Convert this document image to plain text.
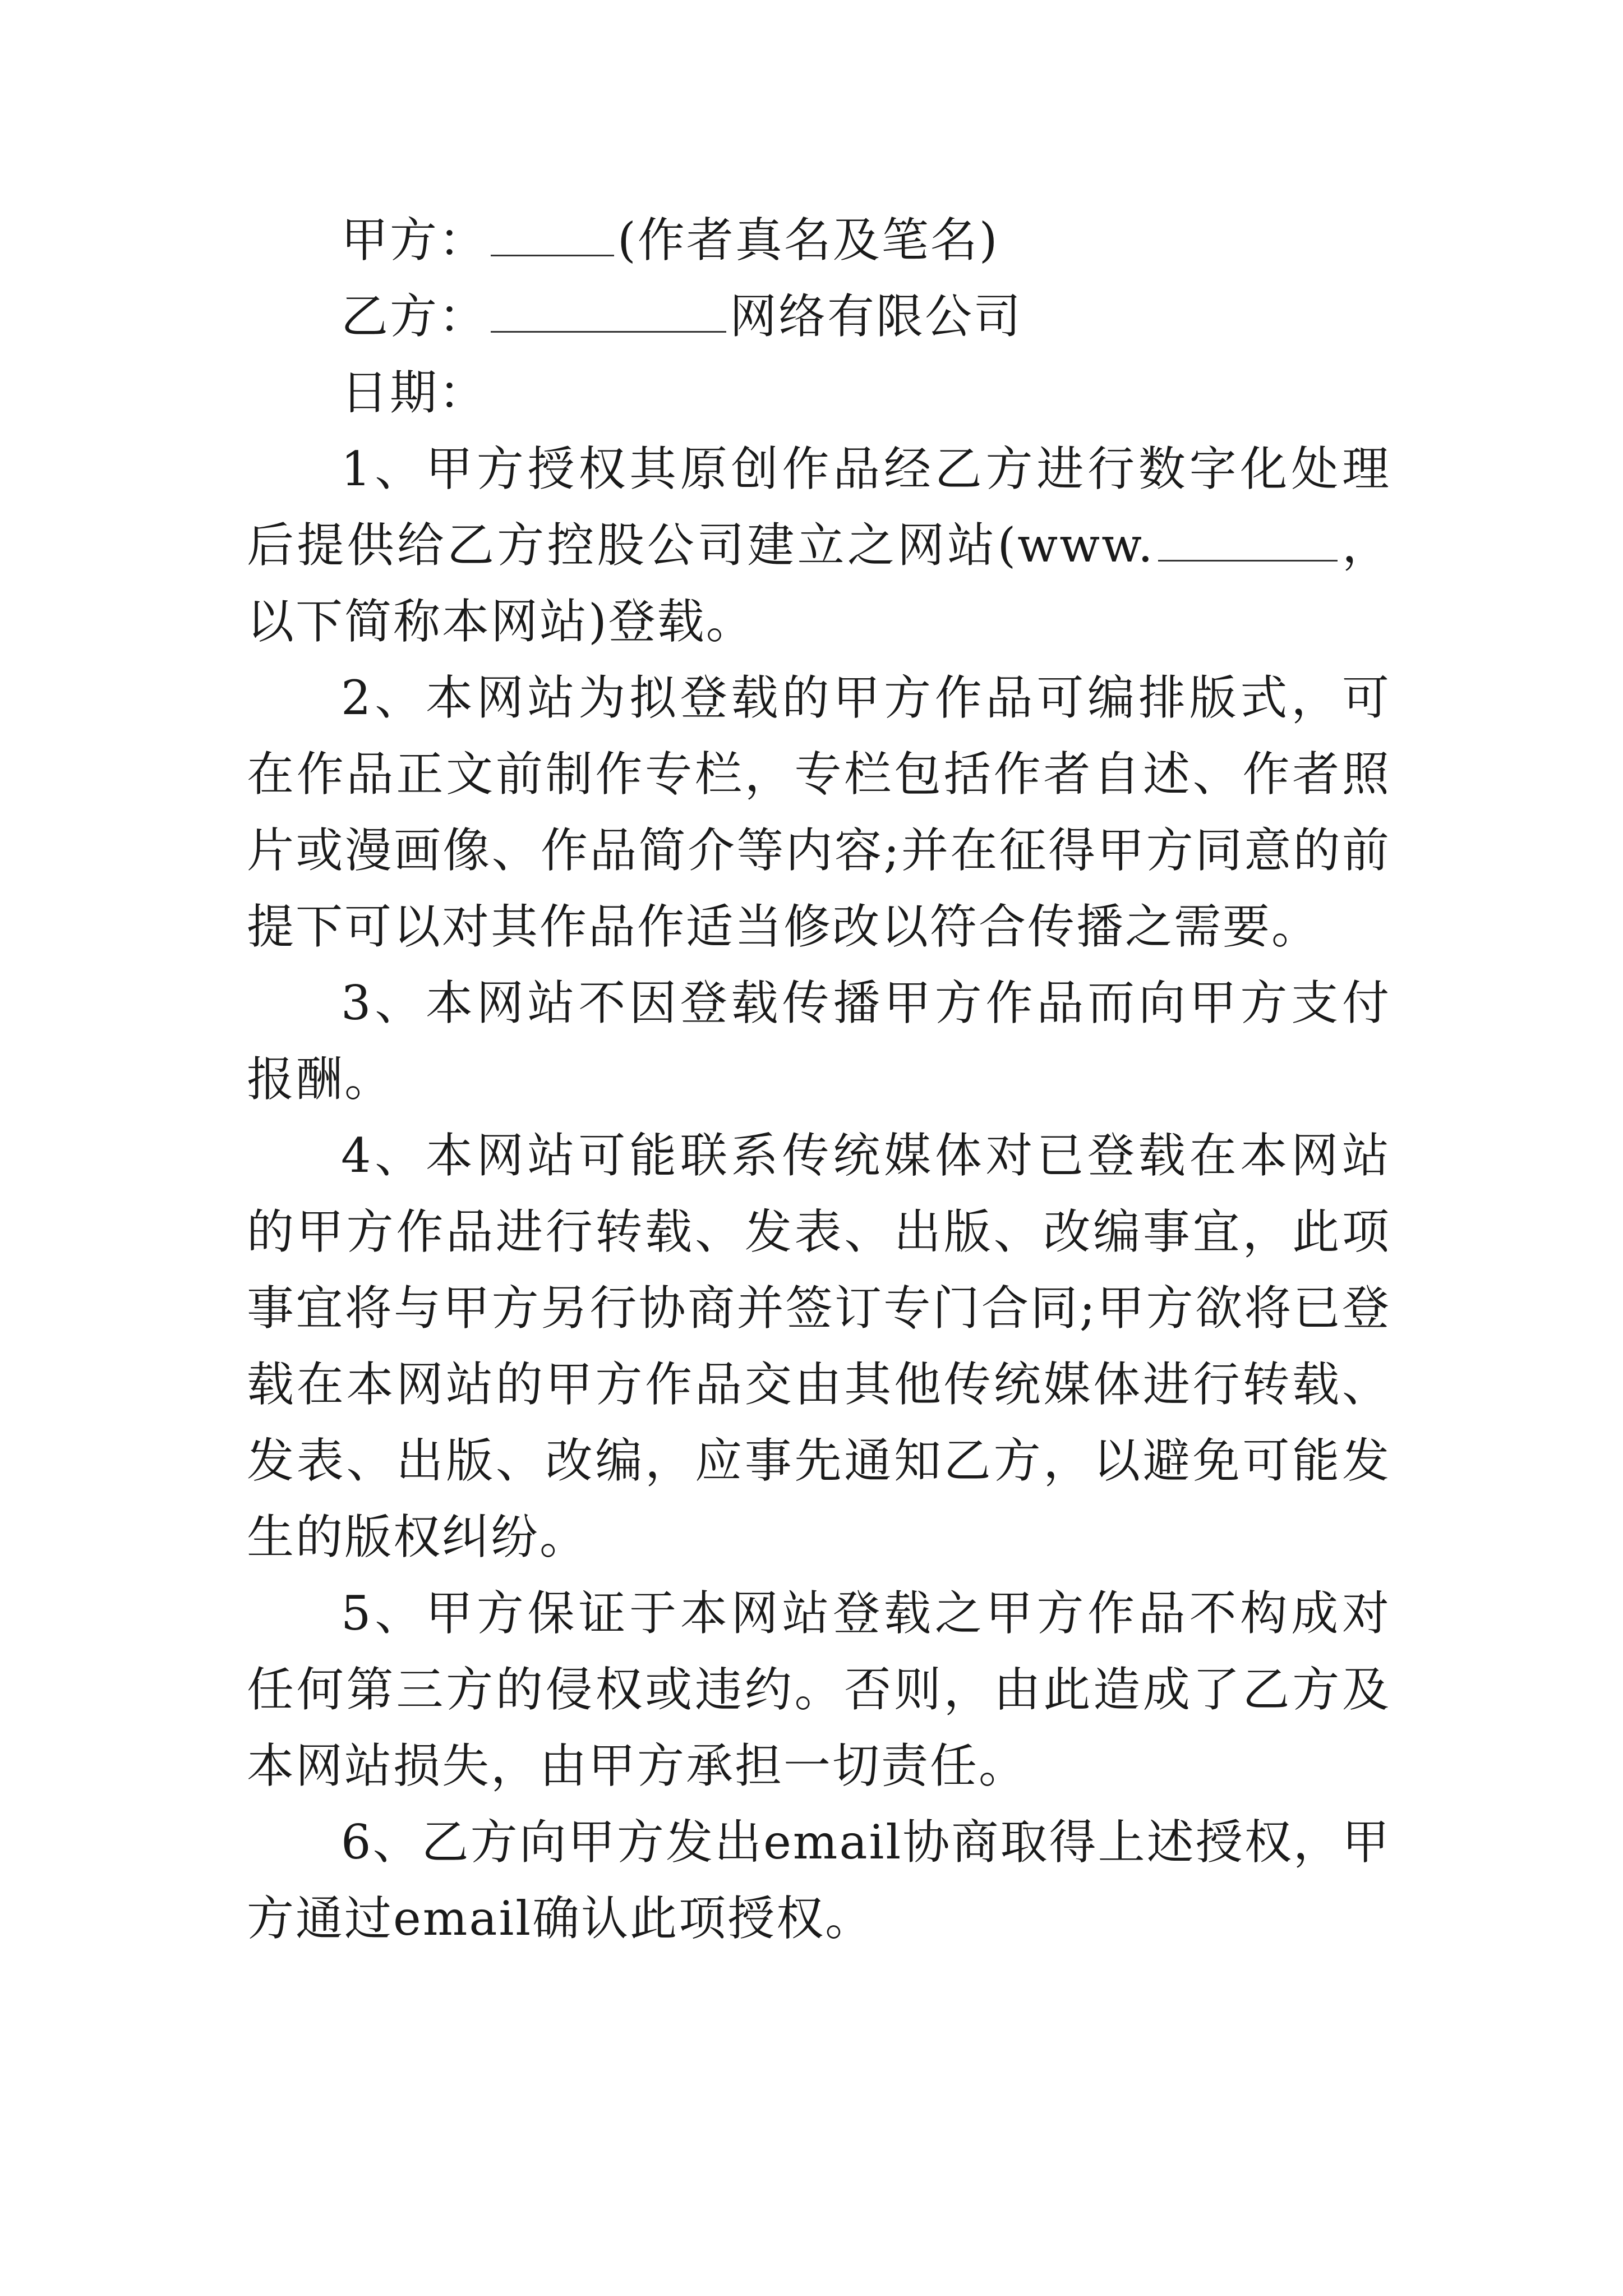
甲方：	(作者真名及笔名)

乙方：	网络有限公司

日期：

1、甲方授权其原创作品经乙方进行数字化处理后提供给乙方控股公司建立之网站(www.	，以下简称本网站)登载。

2、本网站为拟登载的甲方作品可编排版式，可在作品正文前制作专栏，专栏包括作者自述、作者照片或漫画像、作品简介等内容;并在征得甲方同意的前提下可以对其作品作适当修改以符合传播之需要。

3、本网站不因登载传播甲方作品而向甲方支付报酬。

4、本网站可能联系传统媒体对已登载在本网站的甲方作品进行转载、发表、出版、改编事宜，此项事宜将与甲方另行协商并签订专门合同;甲方欲将已登载在本网站的甲方作品交由其他传统媒体进行转载、发表、出版、改编，应事先通知乙方，以避免可能发生的版权纠纷。

5、甲方保证于本网站登载之甲方作品不构成对任何第三方的侵权或违约。否则，由此造成了乙方及本网站损失，由甲方承担一切责任。

6、乙方向甲方发出email协商取得上述授权，甲方通过email确认此项授权。
